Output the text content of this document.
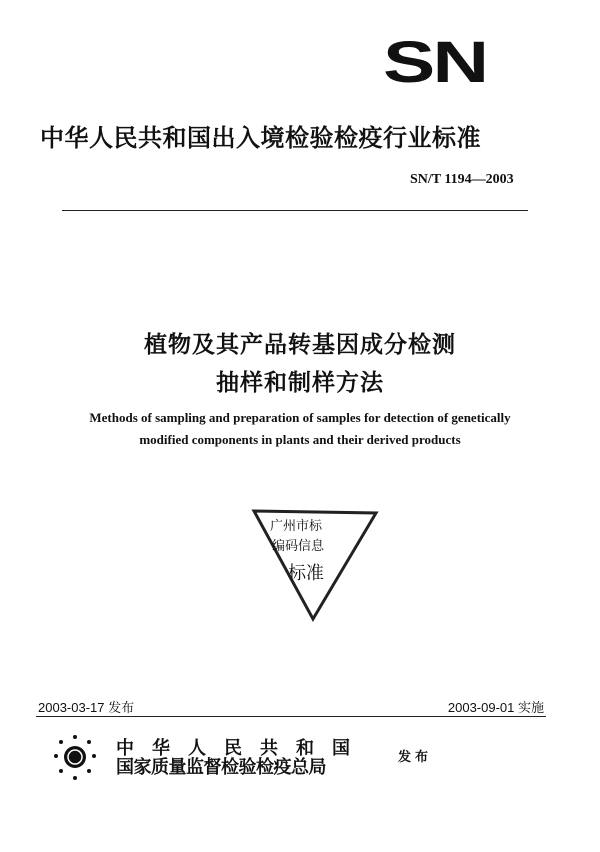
SN
中华人民共和国出入境检验检疫行业标准
SN/T 1194—2003
植物及其产品转基因成分检测
抽样和制样方法
Methods of sampling and preparation of samples for detection of genetically
modified components in plants and their derived products
广州市标
编码信息
标准
2003-03-17 发布	2003-09-01 实施
中　华　人　民　共　和　国
国家质量监督检验检疫总局	发布
